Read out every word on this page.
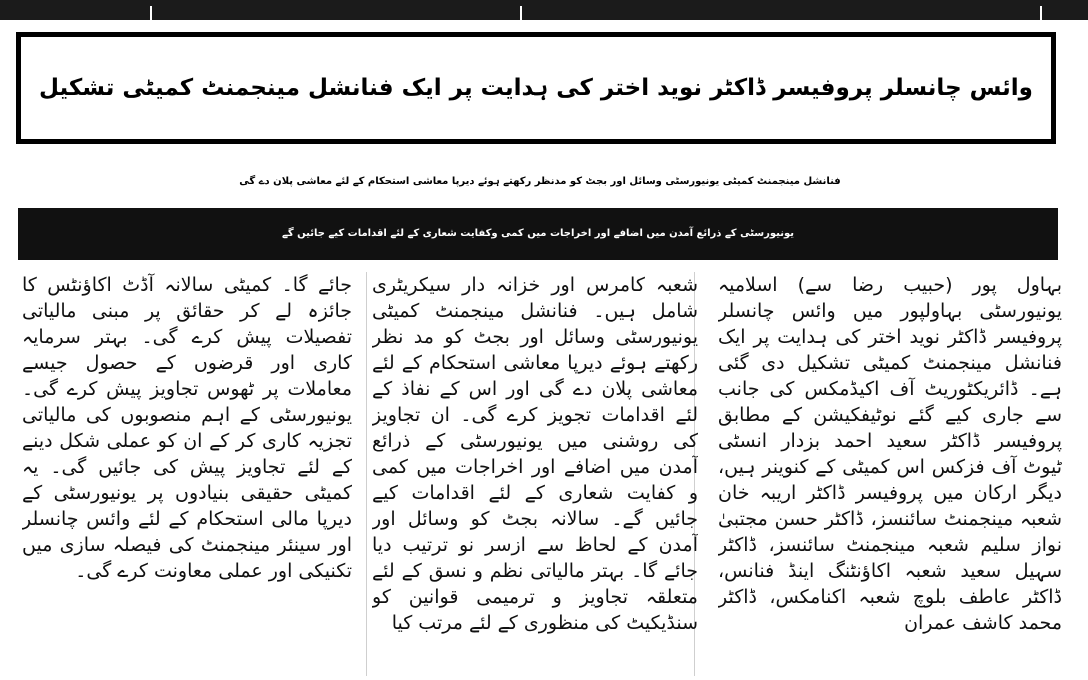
وائس چانسلر پروفیسر ڈاکٹر نوید اختر کی ہدایت پر ایک فنانشل مینجمنٹ کمیٹی تشکیل
فنانشل مینجمنٹ کمیٹی یونیورسٹی وسائل اور بجٹ کو مدنظر رکھتے ہوئے دیرپا معاشی استحکام کے لئے معاشی پلان دے گی
یونیورسٹی کے ذرائع آمدن میں اضافے اور اخراجات میں کمی وکفایت شعاری کے لئے اقدامات کیے جائیں گے

بہاول پور (حبیب رضا سے) اسلامیہ یونیورسٹی بہاولپور میں وائس چانسلر پروفیسر ڈاکٹر نوید اختر کی ہدایت پر ایک فنانشل مینجمنٹ کمیٹی تشکیل دی گئی ہے۔ ڈائریکٹوریٹ آف اکیڈمکس کی جانب سے جاری کیے گئے نوٹیفکیشن کے مطابق پروفیسر ڈاکٹر سعید احمد بزدار انسٹی ٹیوٹ آف فزکس اس کمیٹی کے کنوینر ہیں، دیگر ارکان میں پروفیسر ڈاکٹر اریبہ خان شعبہ مینجمنٹ سائنسز، ڈاکٹر حسن مجتبیٰ نواز سلیم شعبہ مینجمنٹ سائنسز، ڈاکٹر سہیل سعید شعبہ اکاؤنٹنگ اینڈ فنانس، ڈاکٹر عاطف بلوچ شعبہ اکنامکس، ڈاکٹر محمد کاشف عمران

شعبہ کامرس اور خزانہ دار سیکریٹری شامل ہیں۔ فنانشل مینجمنٹ کمیٹی یونیورسٹی وسائل اور بجٹ کو مد نظر رکھتے ہوئے دیرپا معاشی استحکام کے لئے معاشی پلان دے گی اور اس کے نفاذ کے لئے اقدامات تجویز کرے گی۔ ان تجاویز کی روشنی میں یونیورسٹی کے ذرائع آمدن میں اضافے اور اخراجات میں کمی و کفایت شعاری کے لئے اقدامات کیے جائیں گے۔ سالانہ بجٹ کو وسائل اور آمدن کے لحاظ سے ازسر نو ترتیب دیا جائے گا۔ بہتر مالیاتی نظم و نسق کے لئے متعلقہ تجاویز و ترمیمی قوانین کو سنڈیکیٹ کی منظوری کے لئے مرتب کیا

جائے گا۔ کمیٹی سالانہ آڈٹ اکاؤنٹس کا جائزہ لے کر حقائق پر مبنی مالیاتی تفصیلات پیش کرے گی۔ بہتر سرمایہ کاری اور قرضوں کے حصول جیسے معاملات پر ٹھوس تجاویز پیش کرے گی۔ یونیورسٹی کے اہم منصوبوں کی مالیاتی تجزیہ کاری کر کے ان کو عملی شکل دینے کے لئے تجاویز پیش کی جائیں گی۔ یہ کمیٹی حقیقی بنیادوں پر یونیورسٹی کے دیرپا مالی استحکام کے لئے وائس چانسلر اور سینئر مینجمنٹ کی فیصلہ سازی میں تکنیکی اور عملی معاونت کرے گی۔
